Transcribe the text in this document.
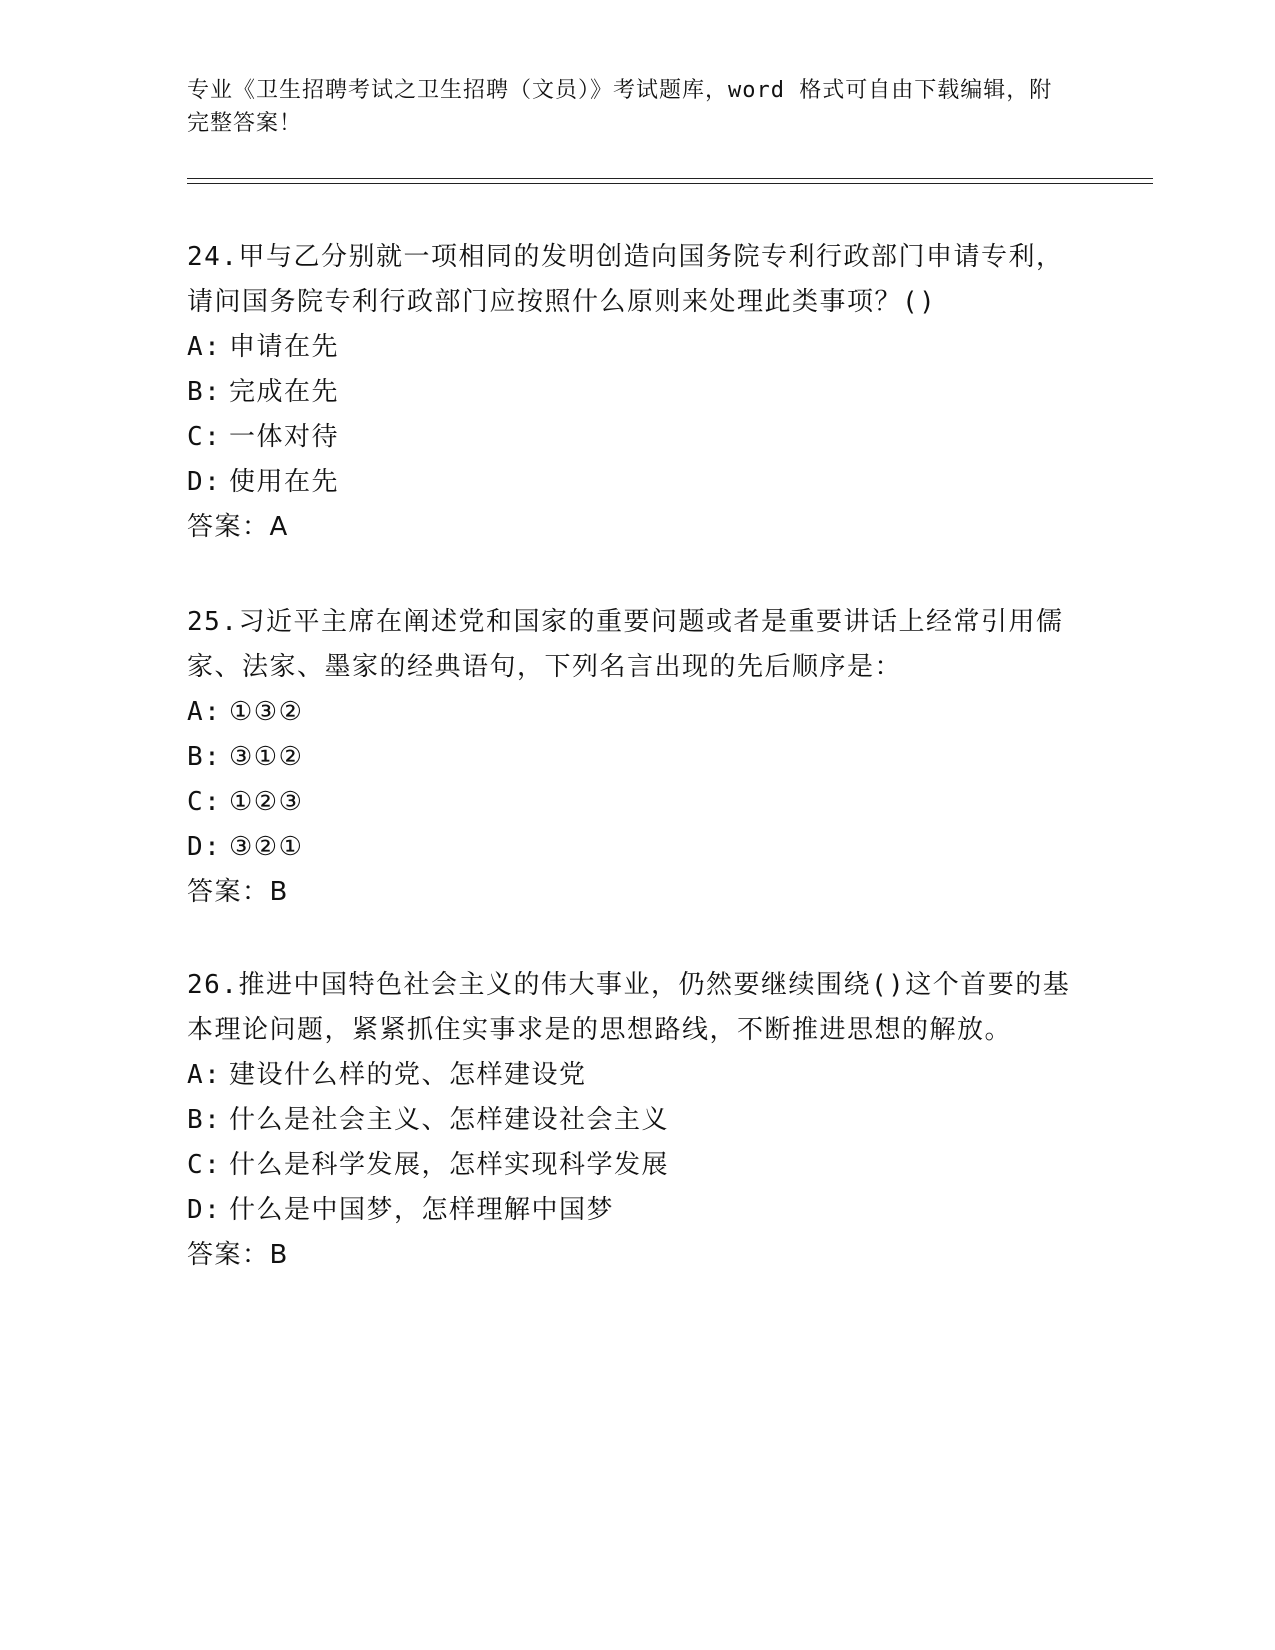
专业《卫生招聘考试之卫生招聘（文员）》考试题库，word 格式可自由下载编辑，附完整答案！

24.甲与乙分别就一项相同的发明创造向国务院专利行政部门申请专利，请问国务院专利行政部门应按照什么原则来处理此类事项？()

A: 申请在先

B: 完成在先

C: 一体对待

D: 使用在先

答案：A

25.习近平主席在阐述党和国家的重要问题或者是重要讲话上经常引用儒家、法家、墨家的经典语句，下列名言出现的先后顺序是：

A: ①③②

B: ③①②

C: ①②③

D: ③②①

答案：B

26.推进中国特色社会主义的伟大事业，仍然要继续围绕()这个首要的基本理论问题，紧紧抓住实事求是的思想路线，不断推进思想的解放。

A: 建设什么样的党、怎样建设党

B: 什么是社会主义、怎样建设社会主义

C: 什么是科学发展，怎样实现科学发展

D: 什么是中国梦，怎样理解中国梦

答案：B
